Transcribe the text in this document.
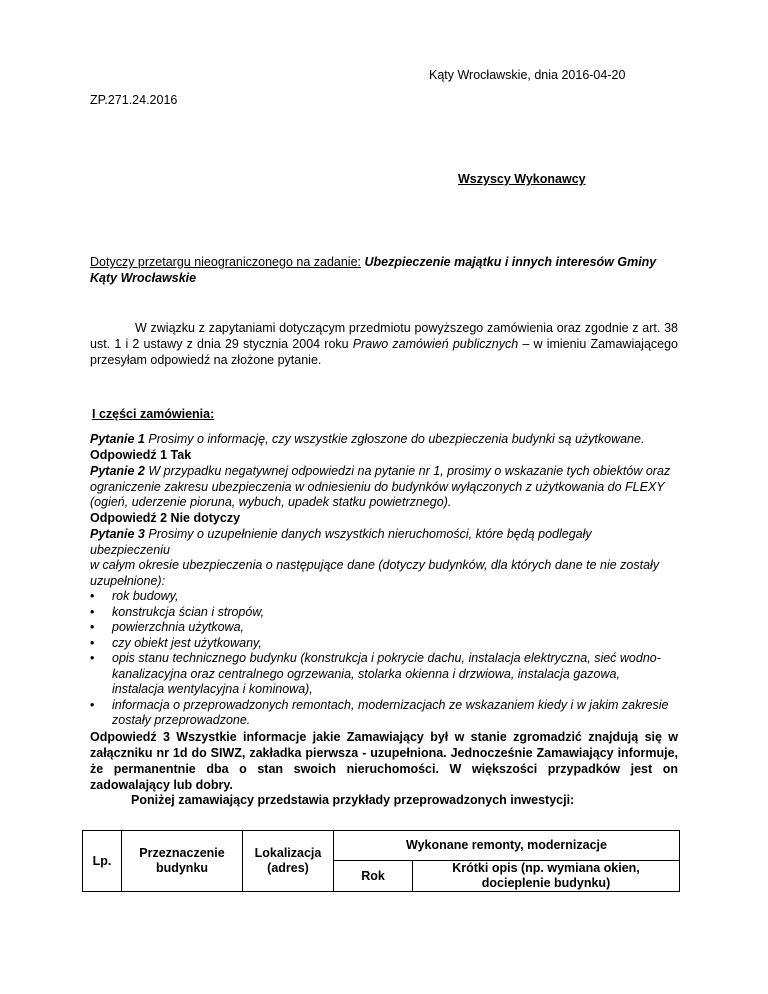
Kąty Wrocławskie, dnia 2016-04-20
ZP.271.24.2016
Wszyscy Wykonawcy
Dotyczy przetargu nieograniczonego na zadanie: Ubezpieczenie majątku i innych interesów Gminy Kąty Wrocławskie
W związku z zapytaniami dotyczącym przedmiotu powyższego zamówienia oraz zgodnie z art. 38 ust. 1 i 2 ustawy z dnia 29 stycznia 2004 roku Prawo zamówień publicznych – w imieniu Zamawiającego przesyłam odpowiedź na złożone pytanie.
I części zamówienia:
Pytanie 1 Prosimy o informację, czy wszystkie zgłoszone do ubezpieczenia budynki są użytkowane.
Odpowiedź 1 Tak
Pytanie 2 W przypadku negatywnej odpowiedzi na pytanie nr 1, prosimy o wskazanie tych obiektów oraz ograniczenie zakresu ubezpieczenia w odniesieniu do budynków wyłączonych z użytkowania do FLEXY (ogień, uderzenie pioruna, wybuch, upadek statku powietrznego).
Odpowiedź 2 Nie dotyczy
Pytanie 3 Prosimy o uzupełnienie danych wszystkich nieruchomości, które będą podlegały ubezpieczeniu
w całym okresie ubezpieczenia o następujące dane (dotyczy budynków, dla których dane te nie zostały uzupełnione):
• rok budowy,
• konstrukcja ścian i stropów,
• powierzchnia użytkowa,
• czy obiekt jest użytkowany,
• opis stanu technicznego budynku (konstrukcja i pokrycie dachu, instalacja elektryczna, sieć wodno-kanalizacyjna oraz centralnego ogrzewania, stolarka okienna i drzwiowa, instalacja gazowa, instalacja wentylacyjna i kominowa),
• informacja o przeprowadzonych remontach, modernizacjach ze wskazaniem kiedy i w jakim zakresie zostały przeprowadzone.
Odpowiedź 3 Wszystkie informacje jakie Zamawiający był w stanie zgromadzić znajdują się w załączniku nr 1d do SIWZ, zakładka pierwsza - uzupełniona. Jednocześnie Zamawiający informuje, że permanentnie dba o stan swoich nieruchomości. W większości przypadków jest on zadowalający lub dobry.
Poniżej zamawiający przedstawia przykłady przeprowadzonych inwestycji:
Lp.	Przeznaczenie budynku	Lokalizacja (adres)	Wykonane remonty, modernizacje	
			Rok	Krótki opis (np. wymiana okien, docieplenie budynku)
